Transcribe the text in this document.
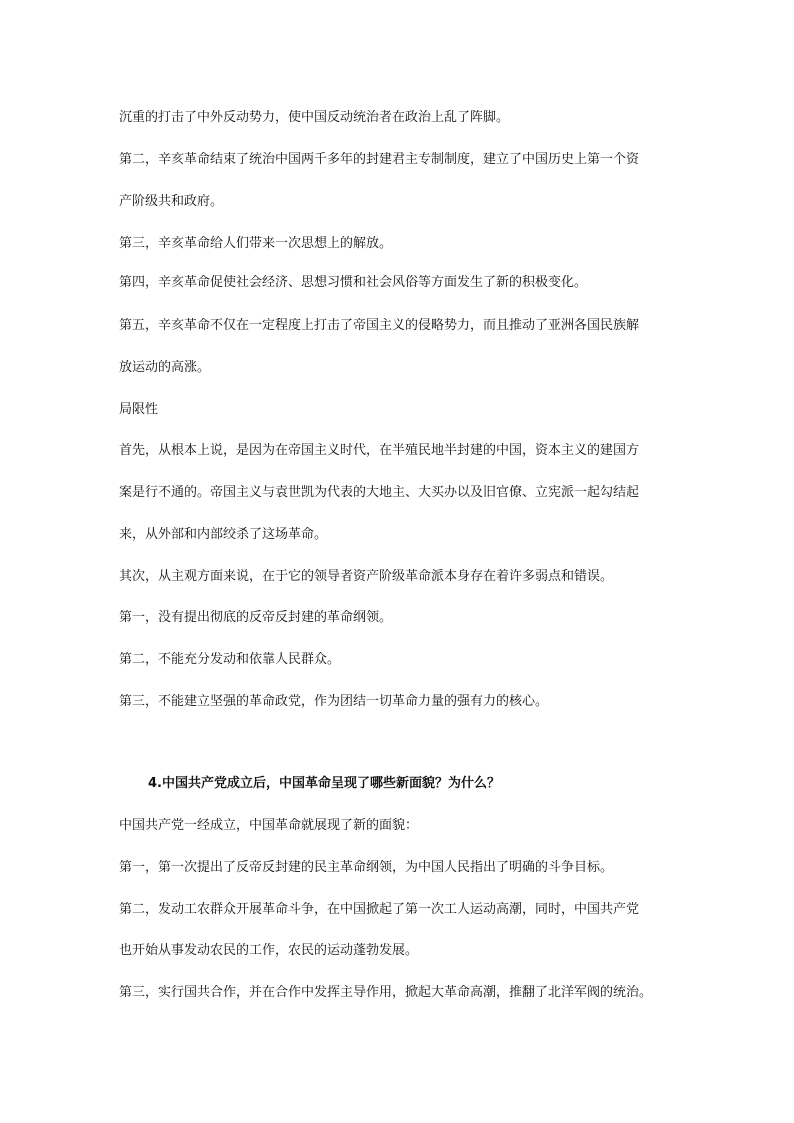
沉重的打击了中外反动势力，使中国反动统治者在政治上乱了阵脚。
第二，辛亥革命结束了统治中国两千多年的封建君主专制制度，建立了中国历史上第一个资
产阶级共和政府。
第三，辛亥革命给人们带来一次思想上的解放。
第四，辛亥革命促使社会经济、思想习惯和社会风俗等方面发生了新的积极变化。
第五，辛亥革命不仅在一定程度上打击了帝国主义的侵略势力，而且推动了亚洲各国民族解
放运动的高涨。
局限性
首先，从根本上说，是因为在帝国主义时代，在半殖民地半封建的中国，资本主义的建国方
案是行不通的。帝国主义与袁世凯为代表的大地主、大买办以及旧官僚、立宪派一起勾结起
来，从外部和内部绞杀了这场革命。
其次，从主观方面来说，在于它的领导者资产阶级革命派本身存在着许多弱点和错误。
第一，没有提出彻底的反帝反封建的革命纲领。
第二，不能充分发动和依靠人民群众。
第三，不能建立坚强的革命政党，作为团结一切革命力量的强有力的核心。
4.中国共产党成立后，中国革命呈现了哪些新面貌？为什么？
中国共产党一经成立，中国革命就展现了新的面貌：
第一，第一次提出了反帝反封建的民主革命纲领，为中国人民指出了明确的斗争目标。
第二，发动工农群众开展革命斗争，在中国掀起了第一次工人运动高潮，同时，中国共产党
也开始从事发动农民的工作，农民的运动蓬勃发展。
第三，实行国共合作，并在合作中发挥主导作用，掀起大革命高潮，推翻了北洋军阀的统治。
